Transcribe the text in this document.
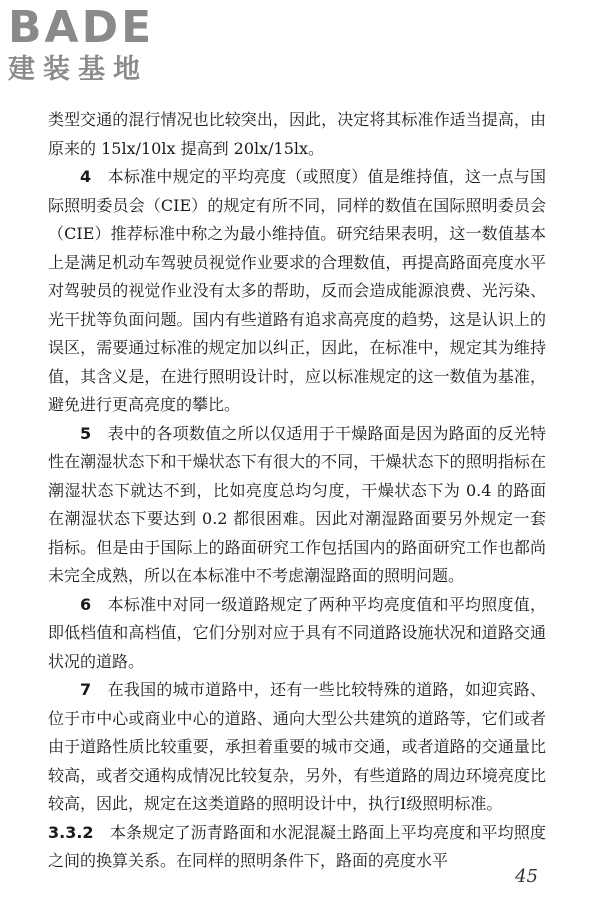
BADE
建装基地

类型交通的混行情况也比较突出，因此，决定将其标准作适当提高，由原来的 15lx/10lx 提高到 20lx/15lx。

4　 本标准中规定的平均亮度（或照度）值是维持值，这一点与国际照明委员会（CIE）的规定有所不同，同样的数值在国际照明委员会（CIE）推荐标准中称之为最小维持值。研究结果表明，这一数值基本上是满足机动车驾驶员视觉作业要求的合理数值，再提高路面亮度水平对驾驶员的视觉作业没有太多的帮助，反而会造成能源浪费、光污染、光干扰等负面问题。国内有些道路有追求高亮度的趋势，这是认识上的误区，需要通过标准的规定加以纠正，因此，在标准中，规定其为维持值，其含义是，在进行照明设计时，应以标准规定的这一数值为基准，避免进行更高亮度的攀比。

5　 表中的各项数值之所以仅适用于干燥路面是因为路面的反光特性在潮湿状态下和干燥状态下有很大的不同，干燥状态下的照明指标在潮湿状态下就达不到，比如亮度总均匀度，干燥状态下为 0.4 的路面在潮湿状态下要达到 0.2 都很困难。因此对潮湿路面要另外规定一套指标。但是由于国际上的路面研究工作包括国内的路面研究工作也都尚未完全成熟，所以在本标准中不考虑潮湿路面的照明问题。

6　 本标准中对同一级道路规定了两种平均亮度值和平均照度值，即低档值和高档值，它们分别对应于具有不同道路设施状况和道路交通状况的道路。

7　 在我国的城市道路中，还有一些比较特殊的道路，如迎宾路、位于市中心或商业中心的道路、通向大型公共建筑的道路等，它们或者由于道路性质比较重要，承担着重要的城市交通，或者道路的交通量比较高，或者交通构成情况比较复杂，另外，有些道路的周边环境亮度比较高，因此，规定在这类道路的照明设计中，执行Ⅰ级照明标准。

3.3.2　 本条规定了沥青路面和水泥混凝土路面上平均亮度和平均照度之间的换算关系。在同样的照明条件下，路面的亮度水平

45
